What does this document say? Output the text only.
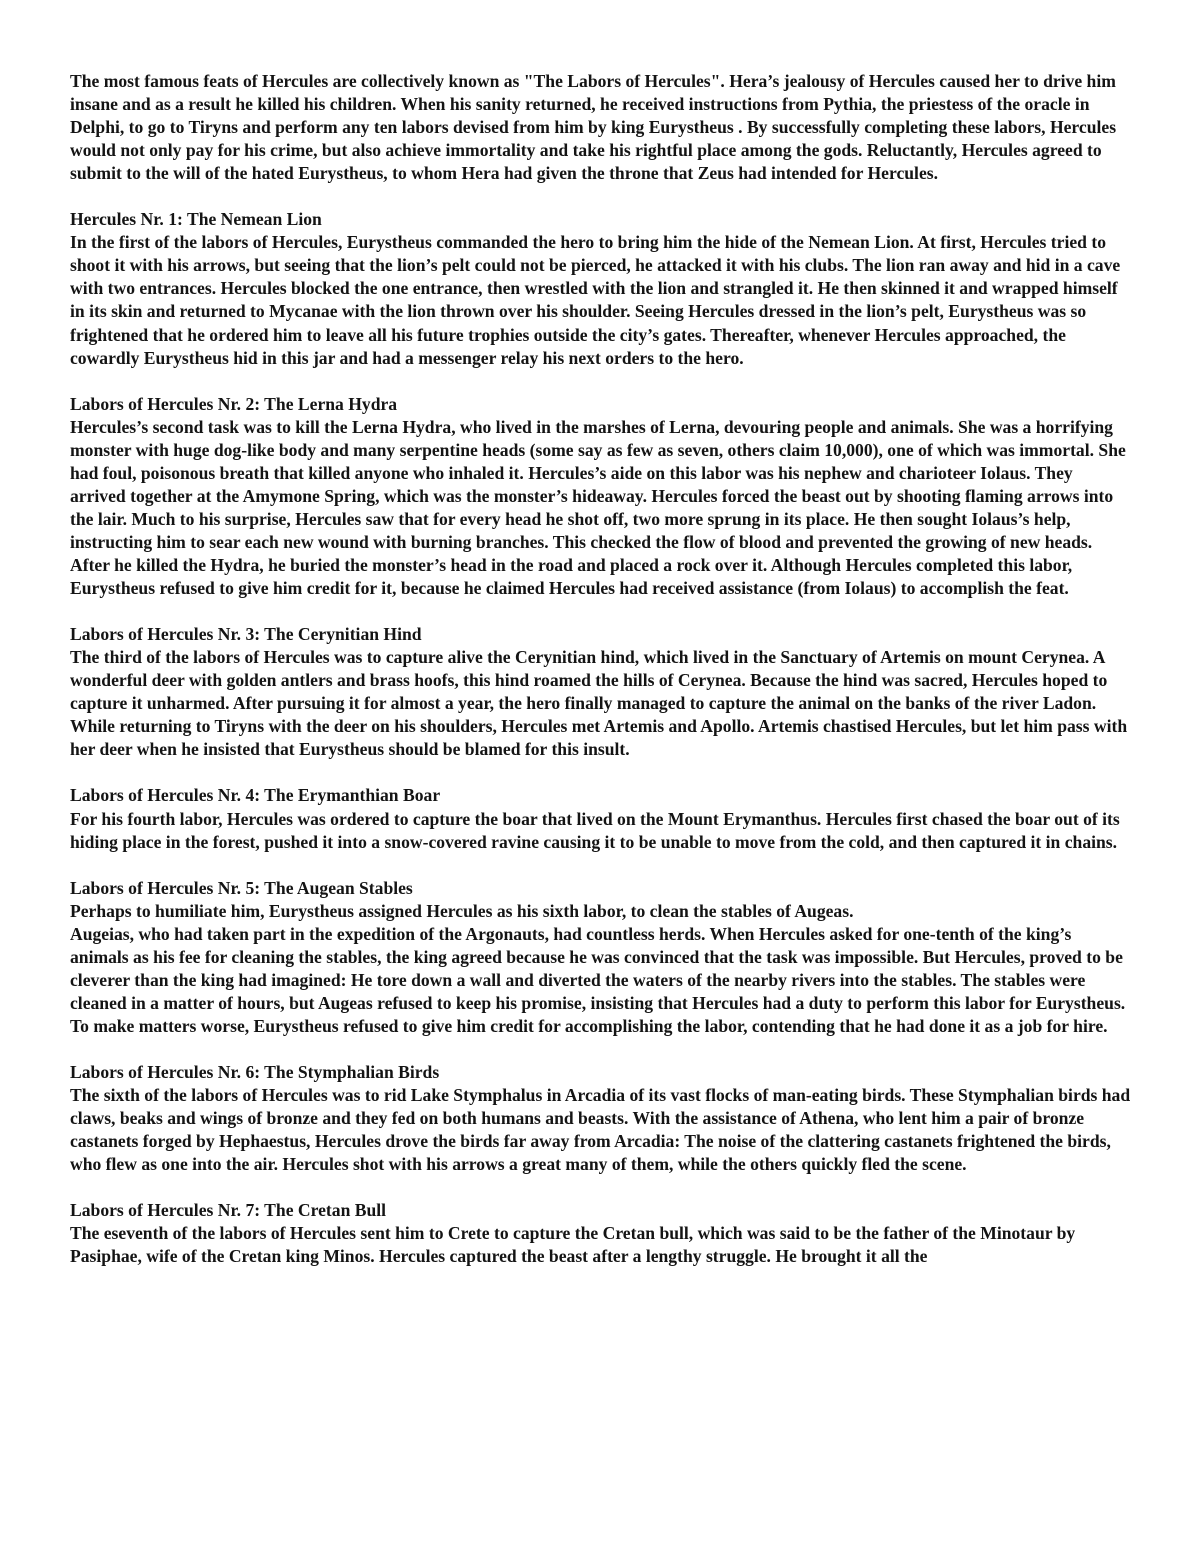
The most famous feats of Hercules are collectively known as "The Labors of Hercules". Hera’s jealousy of Hercules caused her to drive him insane and as a result he killed his children. When his sanity returned, he received instructions from Pythia, the priestess of the oracle in Delphi, to go to Tiryns and perform any ten labors devised from him by king Eurystheus . By successfully completing these labors, Hercules would not only pay for his crime, but also achieve immortality and take his rightful place among the gods. Reluctantly, Hercules agreed to submit to the will of the hated Eurystheus, to whom Hera had given the throne that Zeus had intended for Hercules.

Hercules Nr. 1: The Nemean Lion

In the first of the labors of Hercules, Eurystheus commanded the hero to bring him the hide of the Nemean Lion. At first, Hercules tried to shoot it with his arrows, but seeing that the lion’s pelt could not be pierced, he attacked it with his clubs. The lion ran away and hid in a cave with two entrances. Hercules blocked the one entrance, then wrestled with the lion and strangled it. He then skinned it and wrapped himself in its skin and returned to Mycanae with the lion thrown over his shoulder. Seeing Hercules dressed in the lion’s pelt, Eurystheus was so frightened that he ordered him to leave all his future trophies outside the city’s gates. Thereafter, whenever Hercules approached, the cowardly Eurystheus hid in this jar and had a messenger relay his next orders to the hero.

Labors of Hercules Nr. 2: The Lerna Hydra

Hercules’s second task was to kill the Lerna Hydra, who lived in the marshes of Lerna, devouring people and animals. She was a horrifying monster with huge dog-like body and many serpentine heads (some say as few as seven, others claim 10,000), one of which was immortal. She had foul, poisonous breath that killed anyone who inhaled it. Hercules’s aide on this labor was his nephew and charioteer Iolaus. They arrived together at the Amymone Spring, which was the monster’s hideaway. Hercules forced the beast out by shooting flaming arrows into the lair. Much to his surprise, Hercules saw that for every head he shot off, two more sprung in its place. He then sought Iolaus’s help, instructing him to sear each new wound with burning branches. This checked the flow of blood and prevented the growing of new heads.

After he killed the Hydra, he buried the monster’s head in the road and placed a rock over it. Although Hercules completed this labor, Eurystheus refused to give him credit for it, because he claimed Hercules had received assistance (from Iolaus) to accomplish the feat.

Labors of Hercules Nr. 3: The Cerynitian Hind

The third of the labors of Hercules was to capture alive the Cerynitian hind, which lived in the Sanctuary of Artemis on mount Cerynea. A wonderful deer with golden antlers and brass hoofs, this hind roamed the hills of Cerynea. Because the hind was sacred, Hercules hoped to capture it unharmed. After pursuing it for almost a year, the hero finally managed to capture the animal on the banks of the river Ladon.

While returning to Tiryns with the deer on his shoulders, Hercules met Artemis and Apollo. Artemis chastised Hercules, but let him pass with her deer when he insisted that Eurystheus should be blamed for this insult.

Labors of Hercules Nr. 4: The Erymanthian Boar

For his fourth labor, Hercules was ordered to capture the boar that lived on the Mount Erymanthus. Hercules first chased the boar out of its hiding place in the forest, pushed it into a snow-covered ravine causing it to be unable to move from the cold, and then captured it in chains.

Labors of Hercules Nr. 5: The Augean Stables

Perhaps to humiliate him, Eurystheus assigned Hercules as his sixth labor, to clean the stables of Augeas.

Augeias, who had taken part in the expedition of the Argonauts, had countless herds. When Hercules asked for one-tenth of the king’s animals as his fee for cleaning the stables, the king agreed because he was convinced that the task was impossible. But Hercules, proved to be cleverer than the king had imagined: He tore down a wall and diverted the waters of the nearby rivers into the stables. The stables were cleaned in a matter of hours, but Augeas refused to keep his promise, insisting that Hercules had a duty to perform this labor for Eurystheus. To make matters worse, Eurystheus refused to give him credit for accomplishing the labor, contending that he had done it as a job for hire.

Labors of Hercules Nr. 6: The Stymphalian Birds

The sixth of the labors of Hercules was to rid Lake Stymphalus in Arcadia of its vast flocks of man-eating birds. These Stymphalian birds had claws, beaks and wings of bronze and they fed on both humans and beasts. With the assistance of Athena, who lent him a pair of bronze castanets forged by Hephaestus, Hercules drove the birds far away from Arcadia: The noise of the clattering castanets frightened the birds, who flew as one into the air. Hercules shot with his arrows a great many of them, while the others quickly fled the scene.

Labors of Hercules Nr. 7: The Cretan Bull

The eseventh of the labors of Hercules sent him to Crete to capture the Cretan bull, which was said to be the father of the Minotaur by Pasiphae, wife of the Cretan king Minos. Hercules captured the beast after a lengthy struggle. He brought it all the
